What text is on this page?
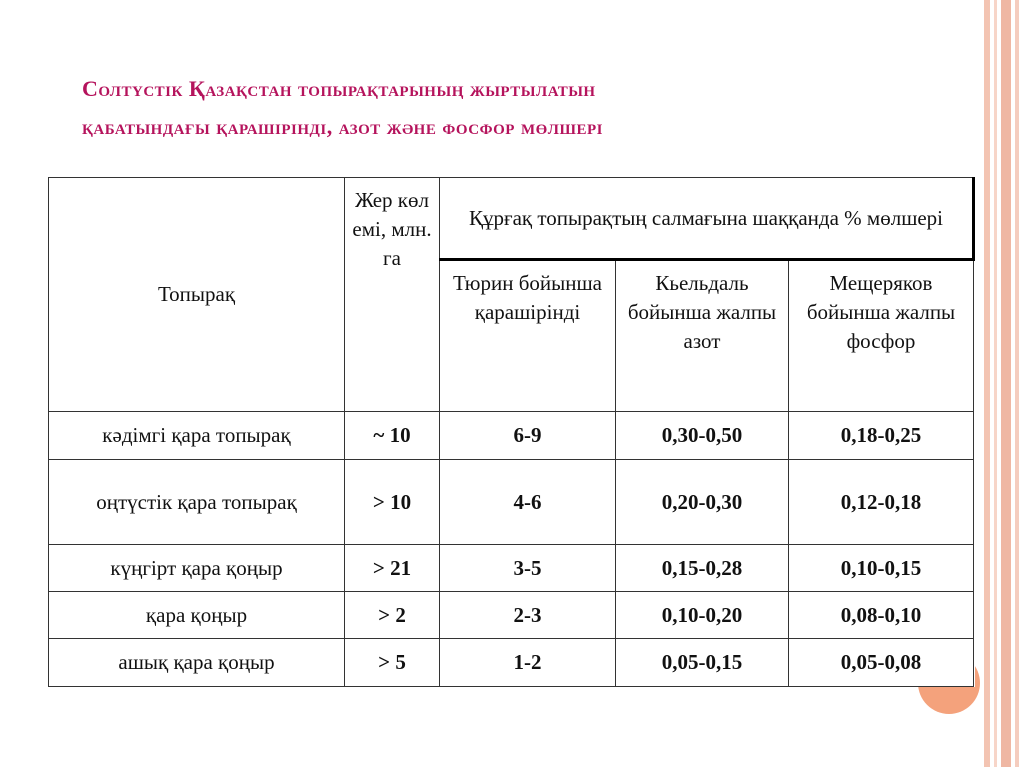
Солтүстік Қазақстан топырақтарының жыртылатын
қабатындағы қарашірінді, азот және фосфор мөлшері
Топырақ	Жер көлемі, млн. га	Құрғақ топырақтың салмағына шаққанда % мөлшері		
		Тюрин бойынша қарашірінді	Кьельдаль бойынша жалпы азот	Мещеряков бойынша жалпы фосфор
кәдімгі қара топырақ	~ 10	6-9	0,30-0,50	0,18-0,25
оңтүстік қара топырақ	> 10	4-6	0,20-0,30	0,12-0,18
күңгірт қара қоңыр	> 21	3-5	0,15-0,28	0,10-0,15
қара қоңыр	> 2	2-3	0,10-0,20	0,08-0,10
ашық қара қоңыр	> 5	1-2	0,05-0,15	0,05-0,08
